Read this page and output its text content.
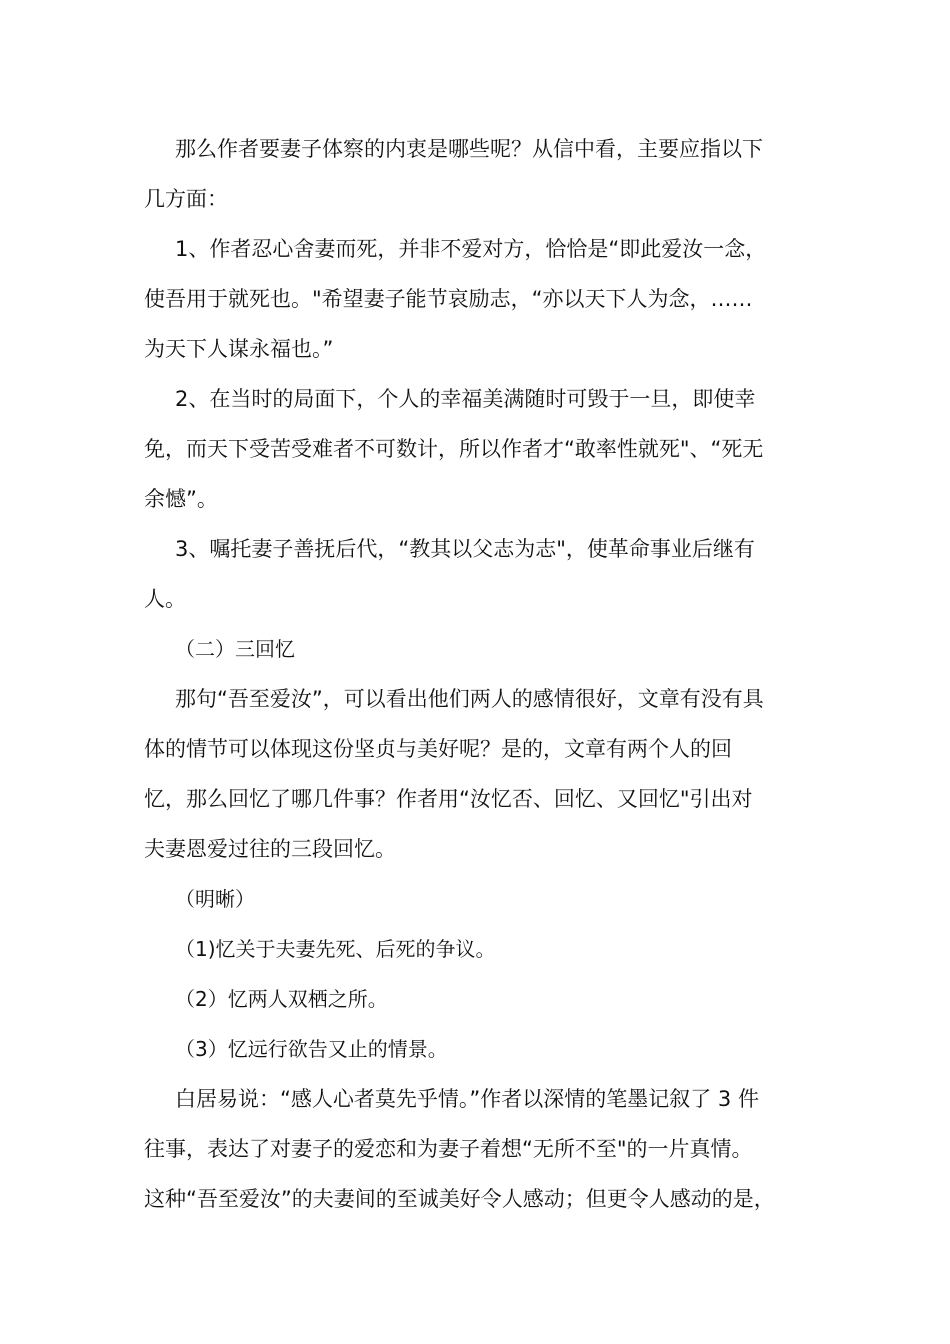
那么作者要妻子体察的内衷是哪些呢？从信中看，主要应指以下
几方面：
1、作者忍心舍妻而死，并非不爱对方，恰恰是“即此爱汝一念，
使吾用于就死也。"希望妻子能节哀励志，“亦以天下人为念，……
为天下人谋永福也。”
2、在当时的局面下，个人的幸福美满随时可毁于一旦，即使幸
免，而天下受苦受难者不可数计，所以作者才“敢率性就死"、“死无
余憾”。
3、嘱托妻子善抚后代，“教其以父志为志"，使革命事业后继有
人。
（二）三回忆
那句“吾至爱汝”，可以看出他们两人的感情很好，文章有没有具
体的情节可以体现这份坚贞与美好呢？是的，文章有两个人的回
忆，那么回忆了哪几件事？作者用“汝忆否、回忆、又回忆"引出对
夫妻恩爱过往的三段回忆。
（明晰）
（1)忆关于夫妻先死、后死的争议。
（2）忆两人双栖之所。
（3）忆远行欲告又止的情景。
白居易说：“感人心者莫先乎情。”作者以深情的笔墨记叙了 3 件
往事，表达了对妻子的爱恋和为妻子着想“无所不至"的一片真情。
这种“吾至爱汝”的夫妻间的至诚美好令人感动；但更令人感动的是，
